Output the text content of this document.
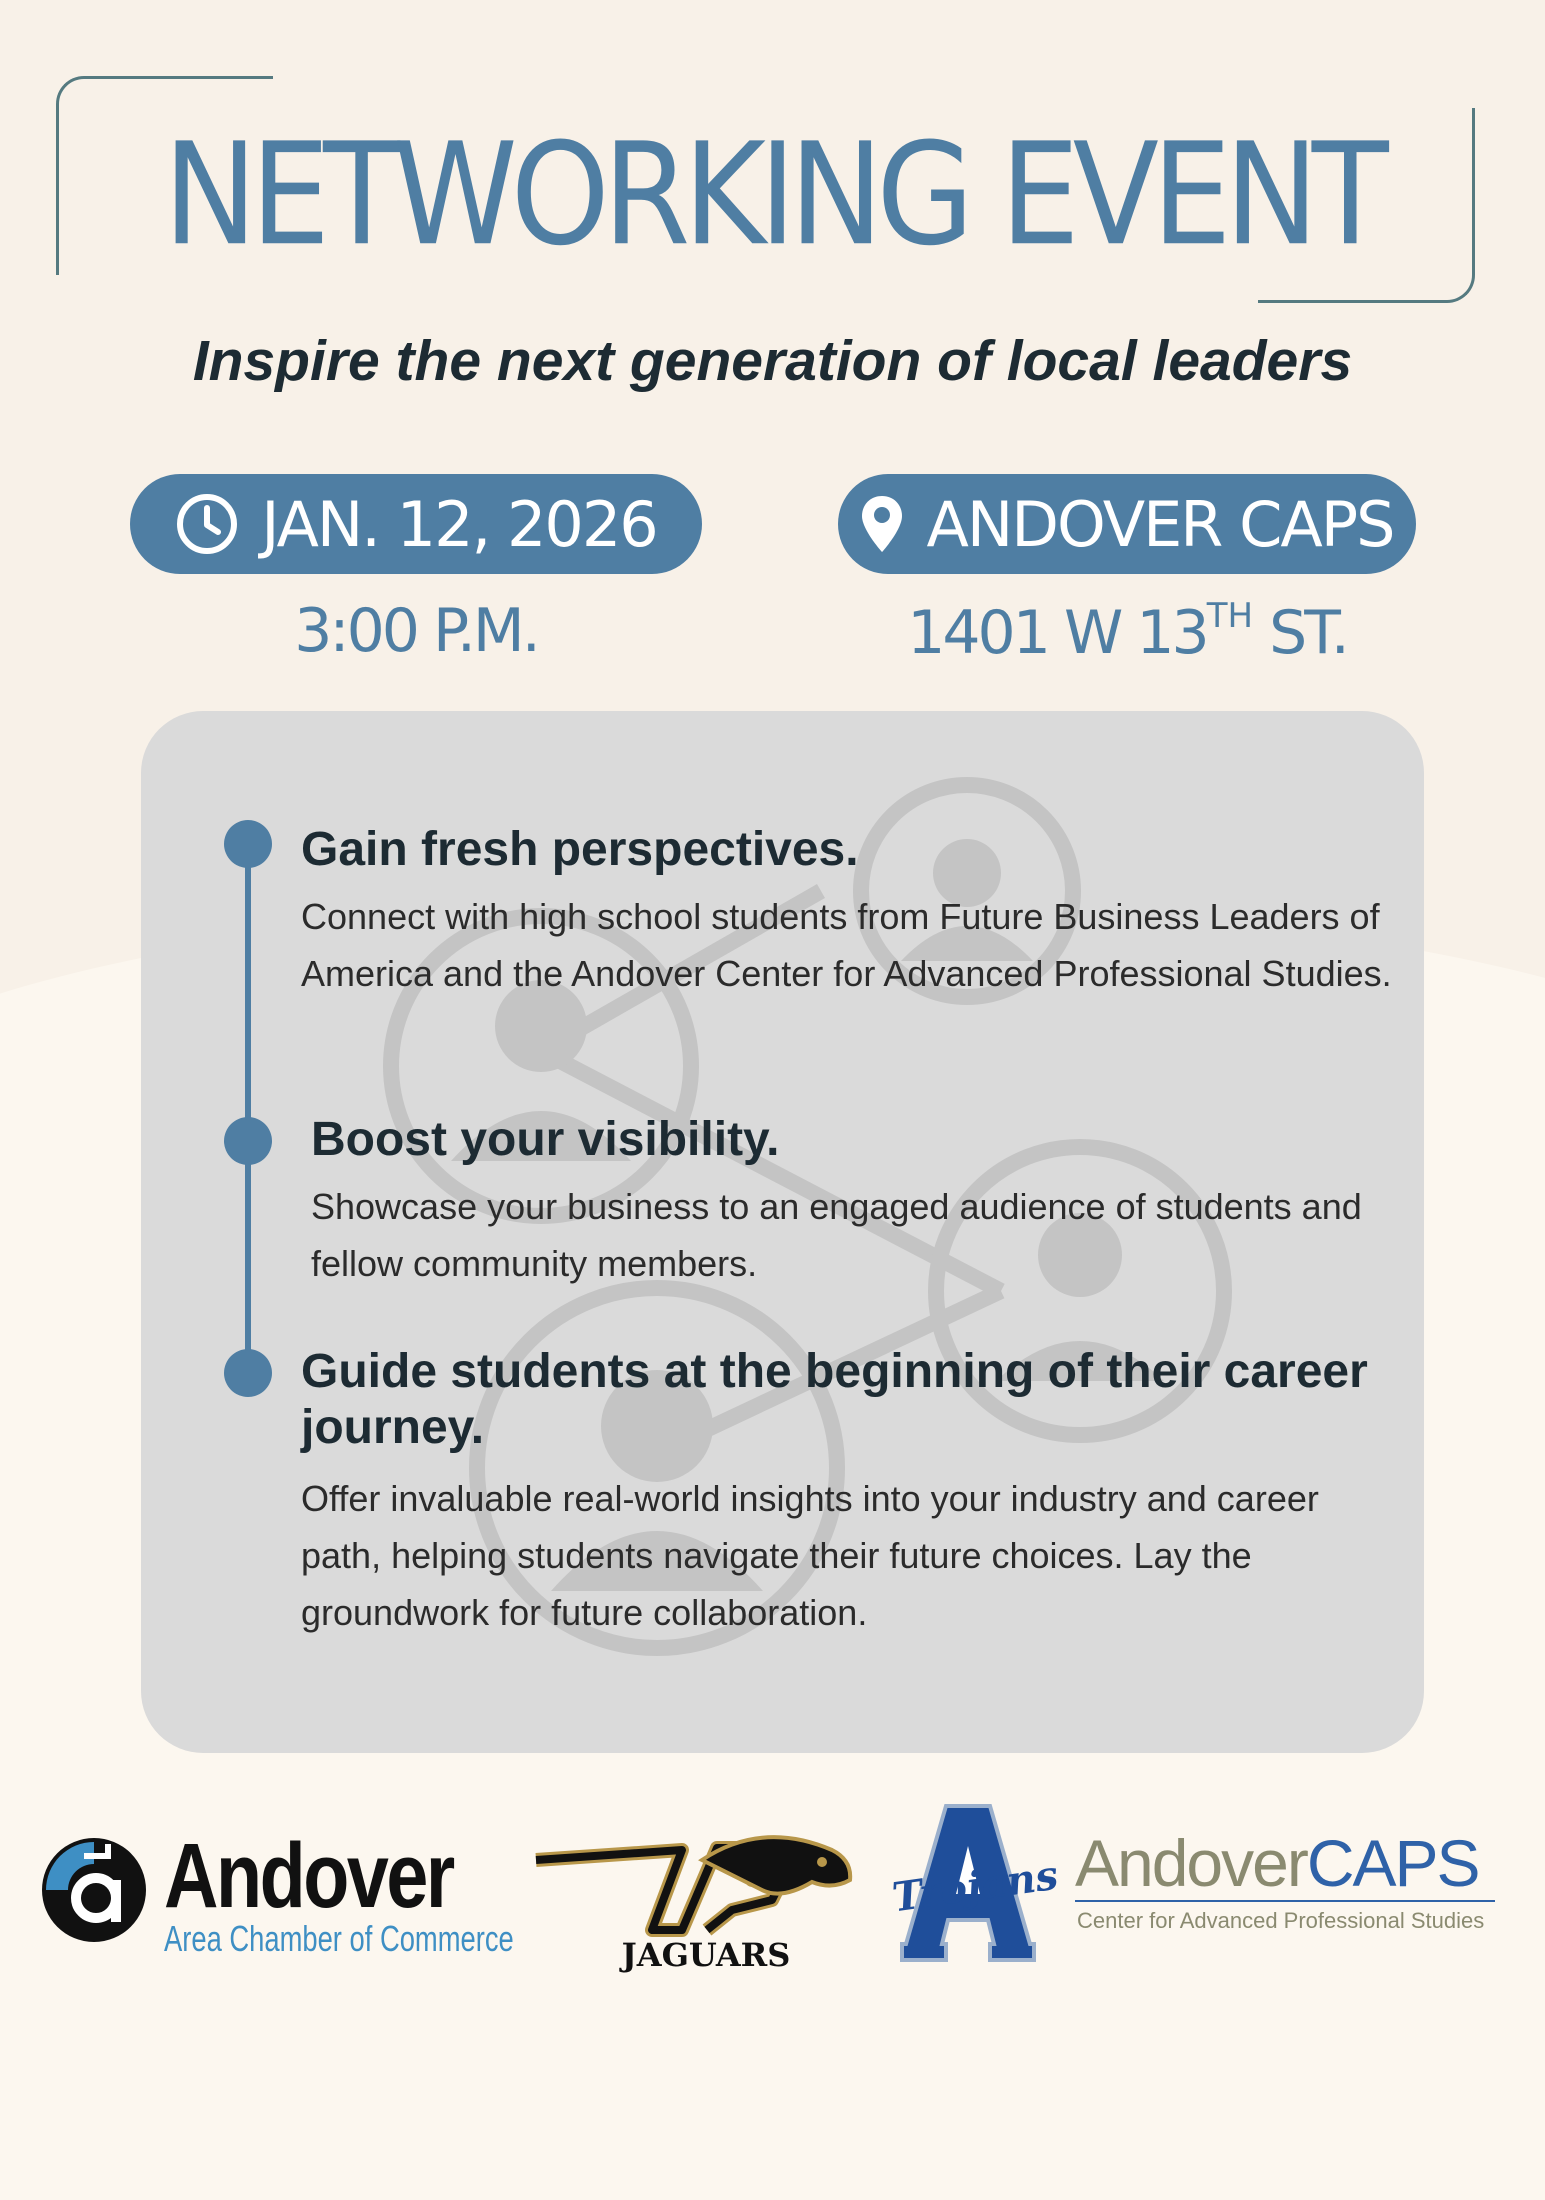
NETWORKING EVENT
Inspire the next generation of local leaders
JAN. 12, 2026
3:00 P.M.
ANDOVER CAPS
1401 W 13TH ST.
Gain fresh perspectives.

Connect with high school students from Future Business Leaders of America and the Andover Center for Advanced Professional Studies.

Boost your visibility.

Showcase your business to an engaged audience of students and fellow community members.

Guide students at the beginning of their career journey.

Offer invaluable real-world insights into your industry and career path, helping students navigate their future choices. Lay the groundwork for future collaboration.

Andover
Area Chamber of Commerce	JAGUARS
Trojans AndoverCAPS
Center for Advanced Professional Studies
